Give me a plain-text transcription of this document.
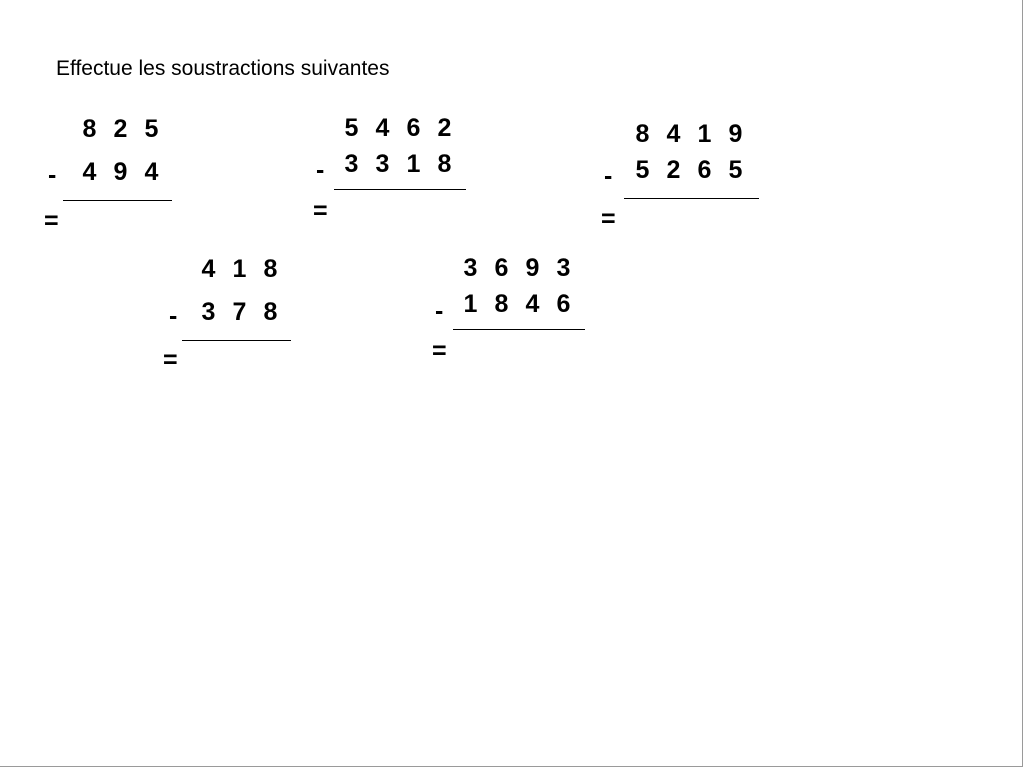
Effectue les soustractions suivantes
8 2 5
-	4 9 4
=
5 4 6 2
- 3 3 1 8
=
8 4 1 9
- 5 2 6 5
=
4 1 8
- 3 7 8
=
3 6 9 3
- 1 8 4 6
=
